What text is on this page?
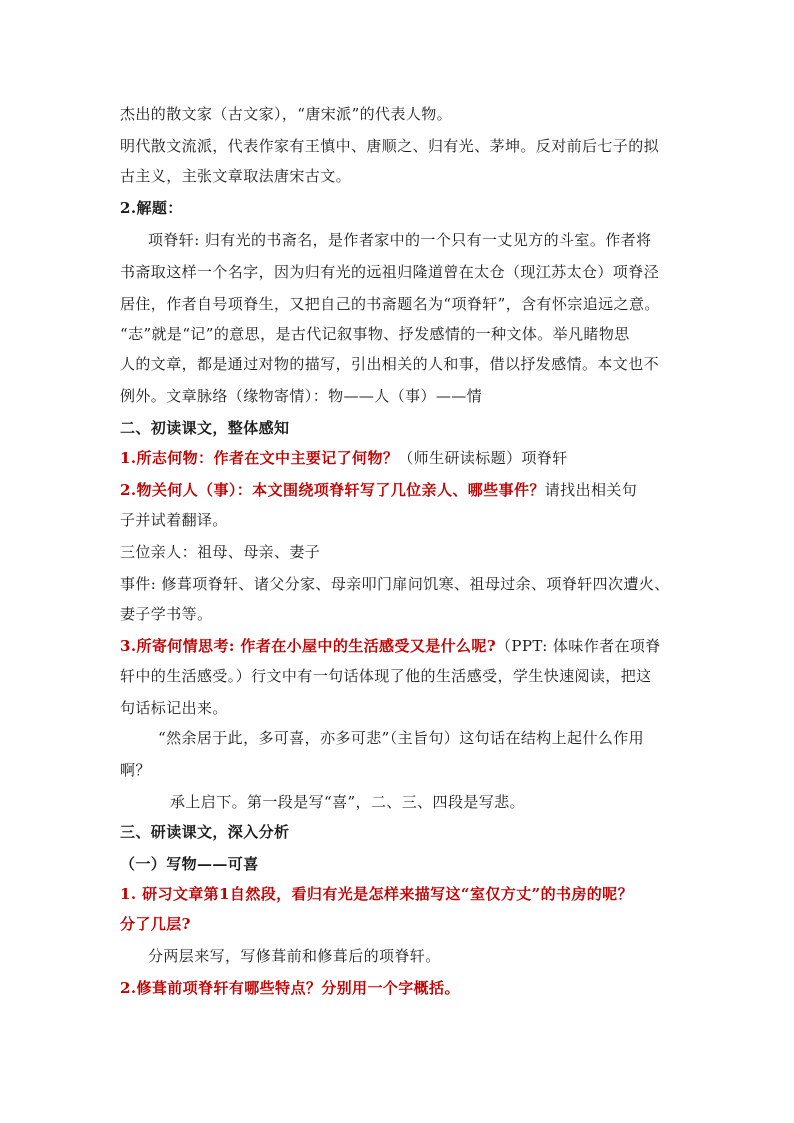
杰出的散文家（古文家），“唐宋派”的代表人物。
明代散文流派，代表作家有王慎中、唐顺之、归有光、茅坤。反对前后七子的拟
古主义，主张文章取法唐宋古文。
2.解题：
项脊轩: 归有光的书斋名，是作者家中的一个只有一丈见方的斗室。作者将
书斋取这样一个名字，因为归有光的远祖归隆道曾在太仓（现江苏太仓）项脊泾
居住，作者自号项脊生，又把自己的书斋题名为“项脊轩”，含有怀宗追远之意。
“志”就是“记”的意思，是古代记叙事物、抒发感情的一种文体。举凡睹物思
人的文章，都是通过对物的描写，引出相关的人和事，借以抒发感情。本文也不
例外。文章脉络（缘物寄情）：物——人（事）——情
二、初读课文，整体感知
1.所志何物：作者在文中主要记了何物？（师生研读标题）项脊轩
2.物关何人（事）：本文围绕项脊轩写了几位亲人、哪些事件？请找出相关句
子并试着翻译。
三位亲人：祖母、母亲、妻子
事件: 修葺项脊轩、诸父分家、母亲叩门扉问饥寒、祖母过余、项脊轩四次遭火、
妻子学书等。
3.所寄何情思考: 作者在小屋中的生活感受又是什么呢?（PPT: 体味作者在项脊
轩中的生活感受。）行文中有一句话体现了他的生活感受，学生快速阅读，把这
句话标记出来。
“然余居于此，多可喜，亦多可悲”（主旨句）这句话在结构上起什么作用
啊？
承上启下。第一段是写“喜”，二、三、四段是写悲。
三、研读课文，深入分析
（一）写物——可喜
1. 研习文章第1自然段，看归有光是怎样来描写这“室仅方丈”的书房的呢？
分了几层?
分两层来写，写修葺前和修葺后的项脊轩。
2.修葺前项脊轩有哪些特点？分别用一个字概括。
